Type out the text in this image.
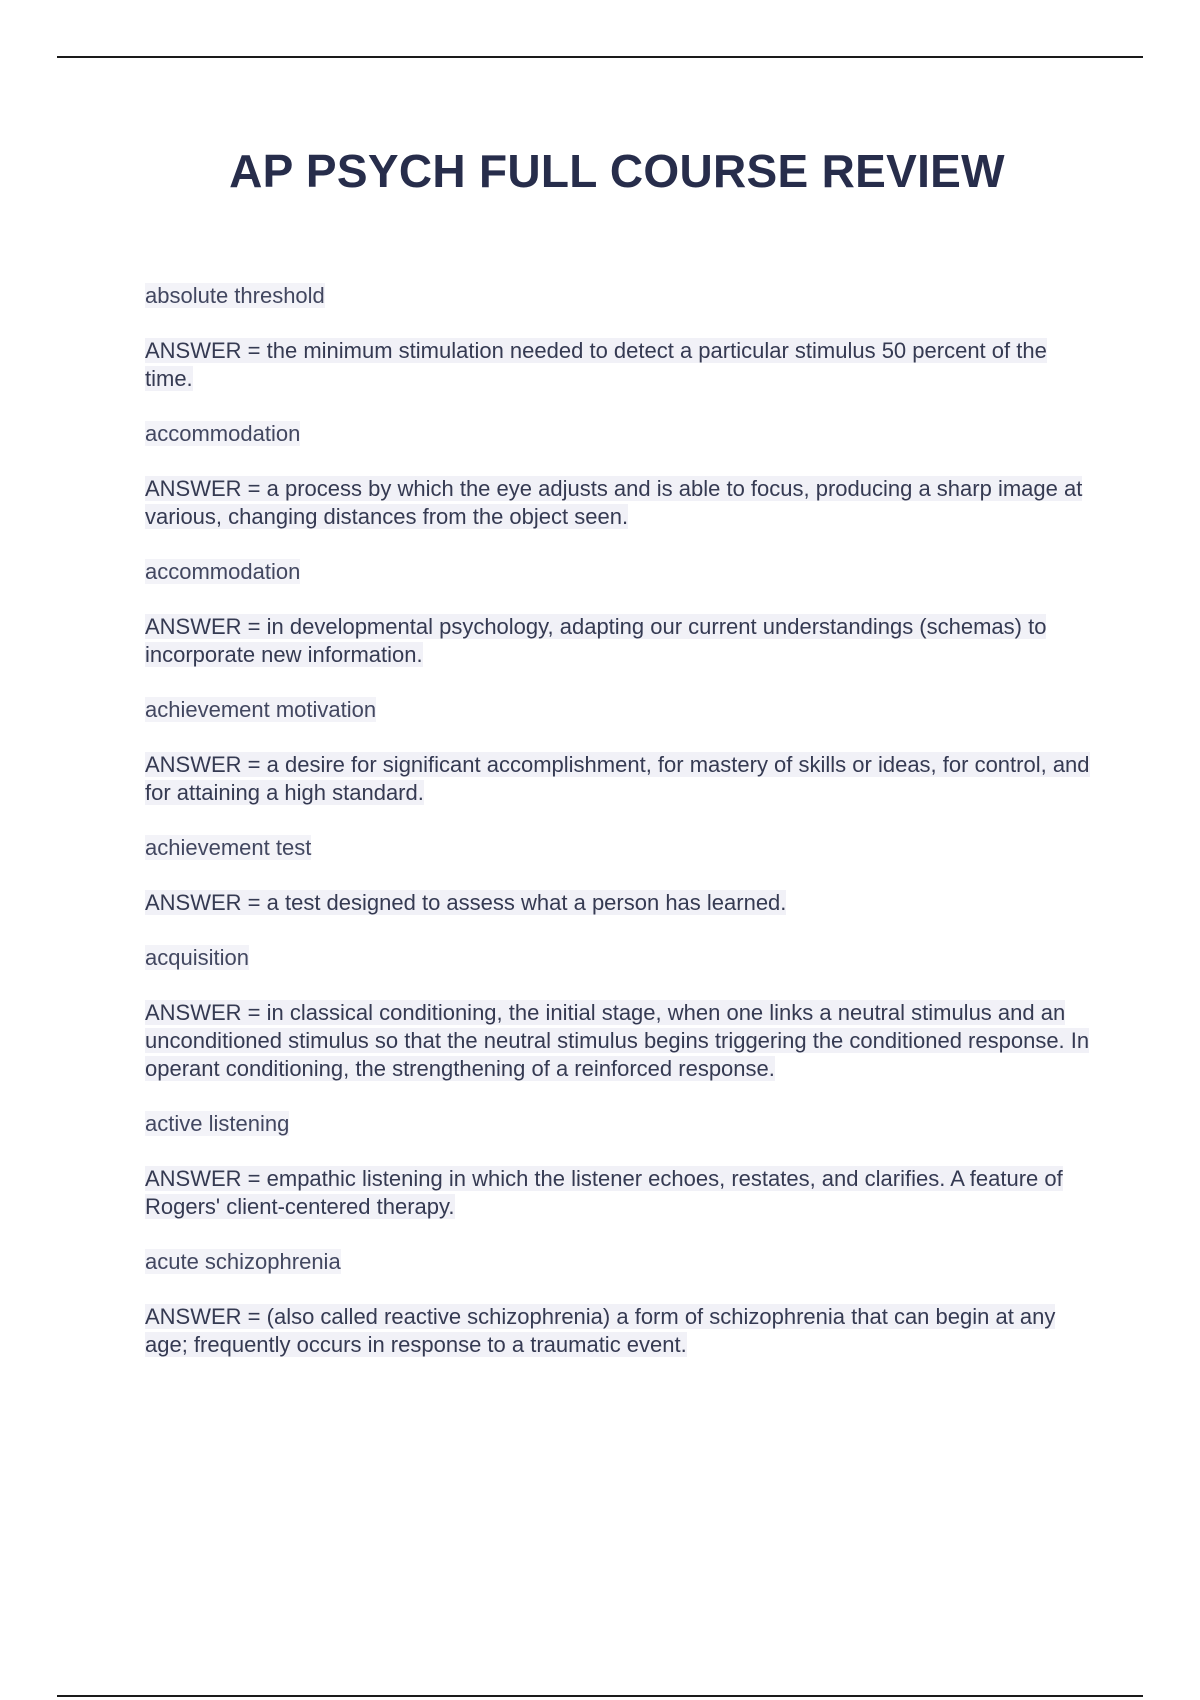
AP PSYCH FULL COURSE REVIEW

absolute threshold

ANSWER = the minimum stimulation needed to detect a particular stimulus 50 percent of the time.

accommodation

ANSWER = a process by which the eye adjusts and is able to focus, producing a sharp image at various, changing distances from the object seen.

accommodation

ANSWER = in developmental psychology, adapting our current understandings (schemas) to incorporate new information.

achievement motivation

ANSWER = a desire for significant accomplishment, for mastery of skills or ideas, for control, and for attaining a high standard.

achievement test

ANSWER = a test designed to assess what a person has learned.

acquisition

ANSWER = in classical conditioning, the initial stage, when one links a neutral stimulus and an unconditioned stimulus so that the neutral stimulus begins triggering the conditioned response. In operant conditioning, the strengthening of a reinforced response.

active listening

ANSWER = empathic listening in which the listener echoes, restates, and clarifies. A feature of Rogers' client-centered therapy.

acute schizophrenia

ANSWER = (also called reactive schizophrenia) a form of schizophrenia that can begin at any age; frequently occurs in response to a traumatic event.
